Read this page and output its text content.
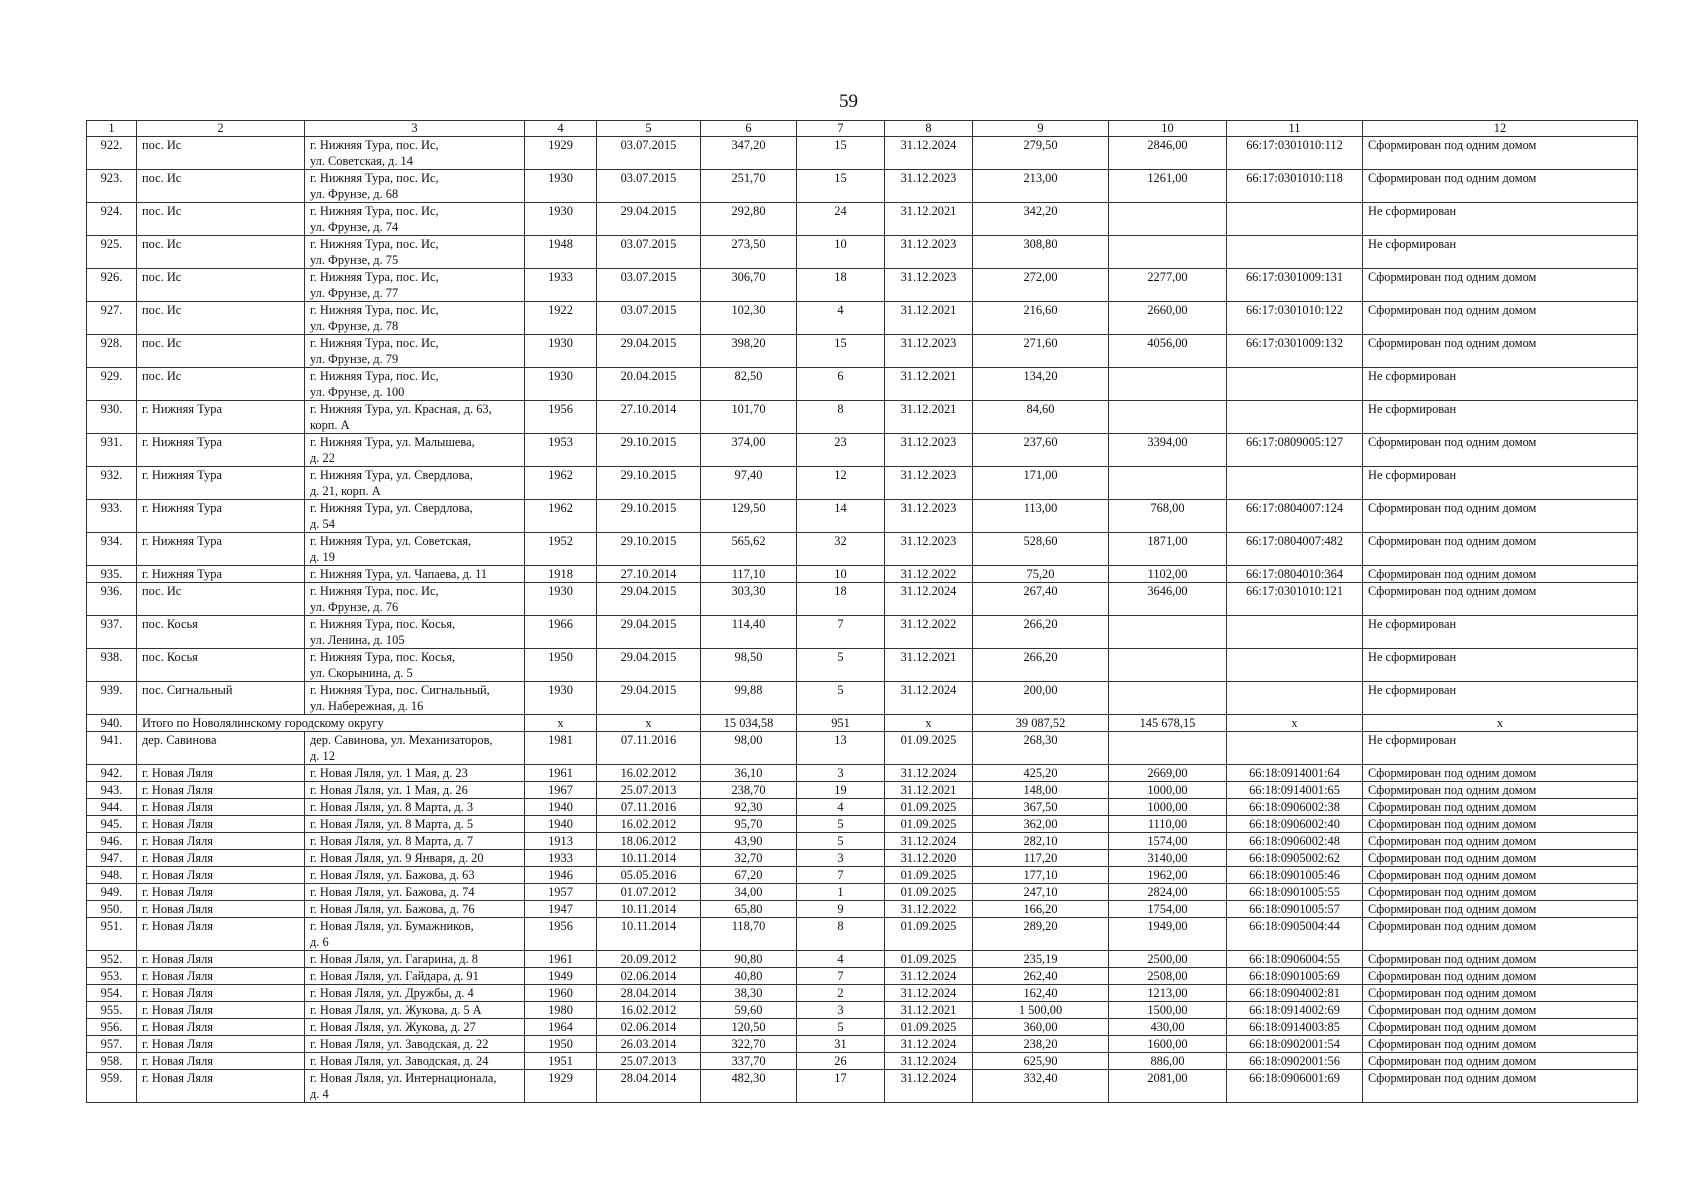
59
1	2	3	4	5	6	7	8	9	10	11	12
922.	пос. Ис	г. Нижняя Тура, пос. Ис,
ул. Советская, д. 14	1929	03.07.2015	347,20	15	31.12.2024	279,50	2846,00	66:17:0301010:112	Сформирован под одним домом
923.	пос. Ис	г. Нижняя Тура, пос. Ис,
ул. Фрунзе, д. 68	1930	03.07.2015	251,70	15	31.12.2023	213,00	1261,00	66:17:0301010:118	Сформирован под одним домом
924.	пос. Ис	г. Нижняя Тура, пос. Ис,
ул. Фрунзе, д. 74	1930	29.04.2015	292,80	24	31.12.2021	342,20			Не сформирован
925.	пос. Ис	г. Нижняя Тура, пос. Ис,
ул. Фрунзе, д. 75	1948	03.07.2015	273,50	10	31.12.2023	308,80			Не сформирован
926.	пос. Ис	г. Нижняя Тура, пос. Ис,
ул. Фрунзе, д. 77	1933	03.07.2015	306,70	18	31.12.2023	272,00	2277,00	66:17:0301009:131	Сформирован под одним домом
927.	пос. Ис	г. Нижняя Тура, пос. Ис,
ул. Фрунзе, д. 78	1922	03.07.2015	102,30	4	31.12.2021	216,60	2660,00	66:17:0301010:122	Сформирован под одним домом
928.	пос. Ис	г. Нижняя Тура, пос. Ис,
ул. Фрунзе, д. 79	1930	29.04.2015	398,20	15	31.12.2023	271,60	4056,00	66:17:0301009:132	Сформирован под одним домом
929.	пос. Ис	г. Нижняя Тура, пос. Ис,
ул. Фрунзе, д. 100	1930	20.04.2015	82,50	6	31.12.2021	134,20			Не сформирован
930.	г. Нижняя Тура	г. Нижняя Тура, ул. Красная, д. 63,
корп. А	1956	27.10.2014	101,70	8	31.12.2021	84,60			Не сформирован
931.	г. Нижняя Тура	г. Нижняя Тура, ул. Малышева,
д. 22	1953	29.10.2015	374,00	23	31.12.2023	237,60	3394,00	66:17:0809005:127	Сформирован под одним домом
932.	г. Нижняя Тура	г. Нижняя Тура, ул. Свердлова,
д. 21, корп. А	1962	29.10.2015	97,40	12	31.12.2023	171,00			Не сформирован
933.	г. Нижняя Тура	г. Нижняя Тура, ул. Свердлова,
д. 54	1962	29.10.2015	129,50	14	31.12.2023	113,00	768,00	66:17:0804007:124	Сформирован под одним домом
934.	г. Нижняя Тура	г. Нижняя Тура, ул. Советская,
д. 19	1952	29.10.2015	565,62	32	31.12.2023	528,60	1871,00	66:17:0804007:482	Сформирован под одним домом
935.	г. Нижняя Тура	г. Нижняя Тура, ул. Чапаева, д. 11	1918	27.10.2014	117,10	10	31.12.2022	75,20	1102,00	66:17:0804010:364	Сформирован под одним домом
936.	пос. Ис	г. Нижняя Тура, пос. Ис,
ул. Фрунзе, д. 76	1930	29.04.2015	303,30	18	31.12.2024	267,40	3646,00	66:17:0301010:121	Сформирован под одним домом
937.	пос. Косья	г. Нижняя Тура, пос. Косья,
ул. Ленина, д. 105	1966	29.04.2015	114,40	7	31.12.2022	266,20			Не сформирован
938.	пос. Косья	г. Нижняя Тура, пос. Косья,
ул. Скорынина, д. 5	1950	29.04.2015	98,50	5	31.12.2021	266,20			Не сформирован
939.	пос. Сигнальный	г. Нижняя Тура, пос. Сигнальный,
ул. Набережная, д. 16	1930	29.04.2015	99,88	5	31.12.2024	200,00			Не сформирован
940.	Итого по Новолялинскому городскому округу		х	х	15 034,58	951	х	39 087,52	145 678,15	х	х
941.	дер. Савинова	дер. Савинова, ул. Механизаторов,
д. 12	1981	07.11.2016	98,00	13	01.09.2025	268,30			Не сформирован
942.	г. Новая Ляля	г. Новая Ляля, ул. 1 Мая, д. 23	1961	16.02.2012	36,10	3	31.12.2024	425,20	2669,00	66:18:0914001:64	Сформирован под одним домом
943.	г. Новая Ляля	г. Новая Ляля, ул. 1 Мая, д. 26	1967	25.07.2013	238,70	19	31.12.2021	148,00	1000,00	66:18:0914001:65	Сформирован под одним домом
944.	г. Новая Ляля	г. Новая Ляля, ул. 8 Марта, д. 3	1940	07.11.2016	92,30	4	01.09.2025	367,50	1000,00	66:18:0906002:38	Сформирован под одним домом
945.	г. Новая Ляля	г. Новая Ляля, ул. 8 Марта, д. 5	1940	16.02.2012	95,70	5	01.09.2025	362,00	1110,00	66:18:0906002:40	Сформирован под одним домом
946.	г. Новая Ляля	г. Новая Ляля, ул. 8 Марта, д. 7	1913	18.06.2012	43,90	5	31.12.2024	282,10	1574,00	66:18:0906002:48	Сформирован под одним домом
947.	г. Новая Ляля	г. Новая Ляля, ул. 9 Января, д. 20	1933	10.11.2014	32,70	3	31.12.2020	117,20	3140,00	66:18:0905002:62	Сформирован под одним домом
948.	г. Новая Ляля	г. Новая Ляля, ул. Бажова, д. 63	1946	05.05.2016	67,20	7	01.09.2025	177,10	1962,00	66:18:0901005:46	Сформирован под одним домом
949.	г. Новая Ляля	г. Новая Ляля, ул. Бажова, д. 74	1957	01.07.2012	34,00	1	01.09.2025	247,10	2824,00	66:18:0901005:55	Сформирован под одним домом
950.	г. Новая Ляля	г. Новая Ляля, ул. Бажова, д. 76	1947	10.11.2014	65,80	9	31.12.2022	166,20	1754,00	66:18:0901005:57	Сформирован под одним домом
951.	г. Новая Ляля	г. Новая Ляля, ул. Бумажников,
д. 6	1956	10.11.2014	118,70	8	01.09.2025	289,20	1949,00	66:18:0905004:44	Сформирован под одним домом
952.	г. Новая Ляля	г. Новая Ляля, ул. Гагарина, д. 8	1961	20.09.2012	90,80	4	01.09.2025	235,19	2500,00	66:18:0906004:55	Сформирован под одним домом
953.	г. Новая Ляля	г. Новая Ляля, ул. Гайдара, д. 91	1949	02.06.2014	40,80	7	31.12.2024	262,40	2508,00	66:18:0901005:69	Сформирован под одним домом
954.	г. Новая Ляля	г. Новая Ляля, ул. Дружбы, д. 4	1960	28.04.2014	38,30	2	31.12.2024	162,40	1213,00	66:18:0904002:81	Сформирован под одним домом
955.	г. Новая Ляля	г. Новая Ляля, ул. Жукова, д. 5 А	1980	16.02.2012	59,60	3	31.12.2021	1 500,00	1500,00	66:18:0914002:69	Сформирован под одним домом
956.	г. Новая Ляля	г. Новая Ляля, ул. Жукова, д. 27	1964	02.06.2014	120,50	5	01.09.2025	360,00	430,00	66:18:0914003:85	Сформирован под одним домом
957.	г. Новая Ляля	г. Новая Ляля, ул. Заводская, д. 22	1950	26.03.2014	322,70	31	31.12.2024	238,20	1600,00	66:18:0902001:54	Сформирован под одним домом
958.	г. Новая Ляля	г. Новая Ляля, ул. Заводская, д. 24	1951	25.07.2013	337,70	26	31.12.2024	625,90	886,00	66:18:0902001:56	Сформирован под одним домом
959.	г. Новая Ляля	г. Новая Ляля, ул. Интернационала,
д. 4	1929	28.04.2014	482,30	17	31.12.2024	332,40	2081,00	66:18:0906001:69	Сформирован под одним домом
